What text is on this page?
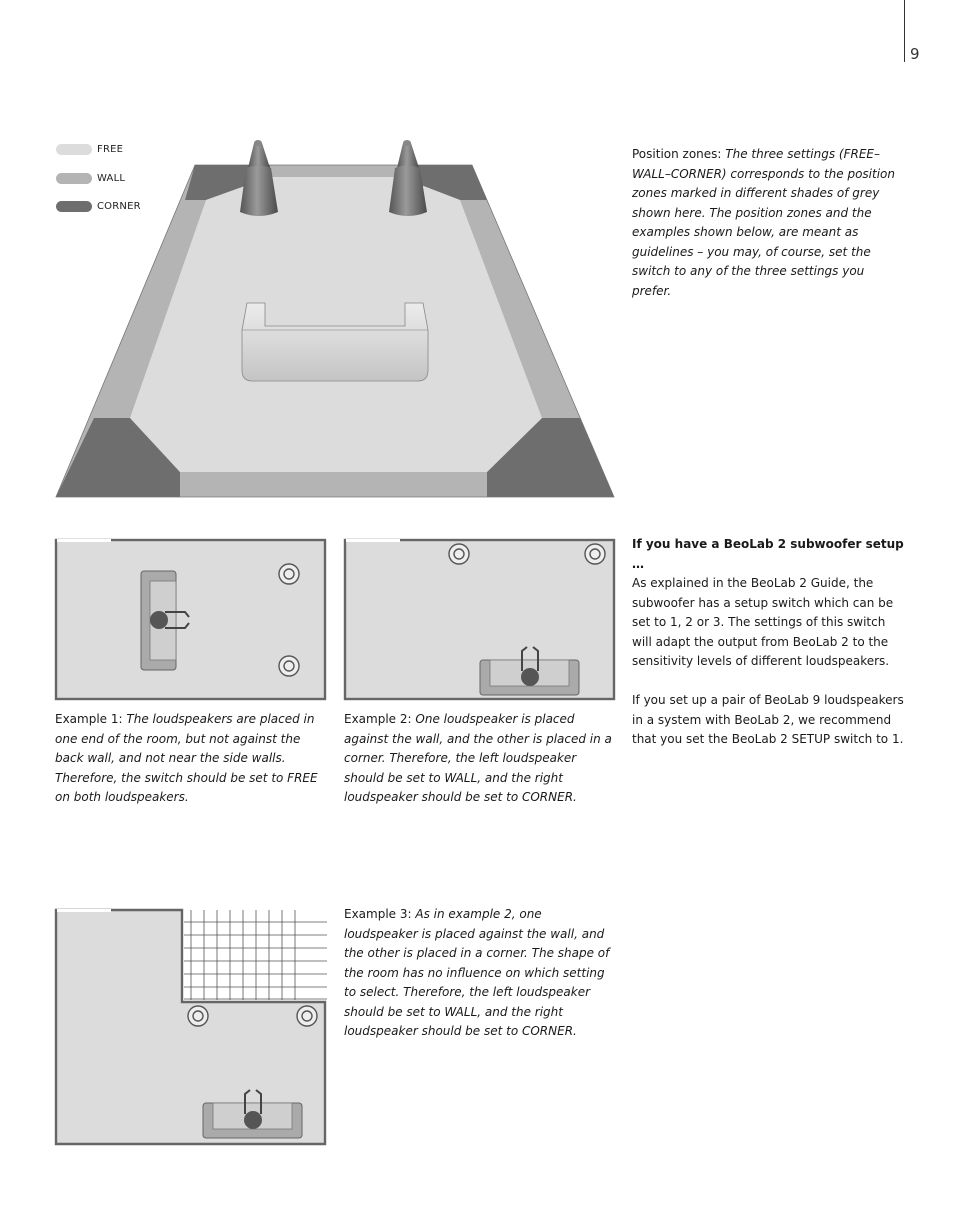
9
FREE
WALL
CORNER
Position zones: The three settings (FREE–WALL–CORNER) corresponds to the position zones marked in different shades of grey shown here. The position zones and the examples shown below, are meant as guidelines – you may, of course, set the switch to any of the three settings you prefer.
Example 1: The loudspeakers are placed in one end of the room, but not against the back wall, and not near the side walls. Therefore, the switch should be set to FREE on both loudspeakers.
Example 2: One loudspeaker is placed against the wall, and the other is placed in a corner. Therefore, the left loudspeaker should be set to WALL, and the right loudspeaker should be set to CORNER.

If you have a BeoLab 2 subwoofer setup …

As explained in the BeoLab 2 Guide, the subwoofer has a setup switch which can be set to 1, 2 or 3. The settings of this switch will adapt the output from BeoLab 2 to the sensitivity levels of different loudspeakers.

If you set up a pair of BeoLab 9 loudspeakers in a system with BeoLab 2, we recommend that you set the BeoLab 2 SETUP switch to 1.

Example 3: As in example 2, one loudspeaker is placed against the wall, and the other is placed in a corner. The shape of the room has no influence on which setting to select. Therefore, the left loudspeaker should be set to WALL, and the right loudspeaker should be set to CORNER.
